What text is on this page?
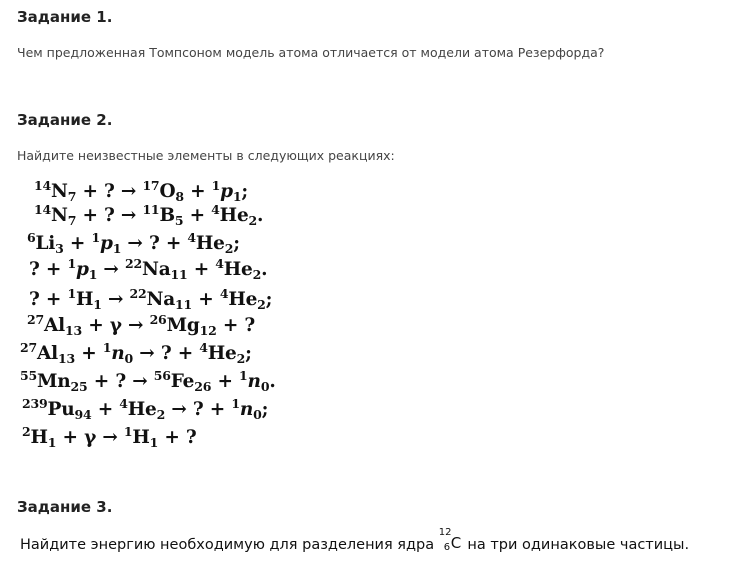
Задание 1.

Чем предложенная Томпсоном модель атома отличается от модели атома Резерфорда?

Задание 2.

Найдите неизвестные элементы в следующих реакциях:

$^{14}N_7$ + ? → $^{17}O_8 + ^1p_1$;
$^{14}N_7$ + ? → $^{11}B_5 + ^4He_2$.
$^6Li_3 + ^1p_1$ → ? + $^4He_2$;
? + $^1p_1 \to ^{22}Na_{11} + ^4He_2$.
? + $^1H_1 \to ^{22}Na_{11} + ^4He_2$;
$^{27}Al_{13} + \gamma \to ^{26}Mg_{12}$ + ?
$^{27}Al_{13} + ^1n_0$ → ? + $^4He_2$;
$^{55}Mn_{25}$ + ? → $^{56}Fe_{26} + ^1n_0$.
$^{239}Pu_{94} + ^4He_2$ → ? + $^1n_0$;
$^2H_1 + \gamma \to ^1H_1$ + ?
Задание 3.

Найдите энергию необходимую для разделения ядра
12
6 C на три одинаковые частицы.
